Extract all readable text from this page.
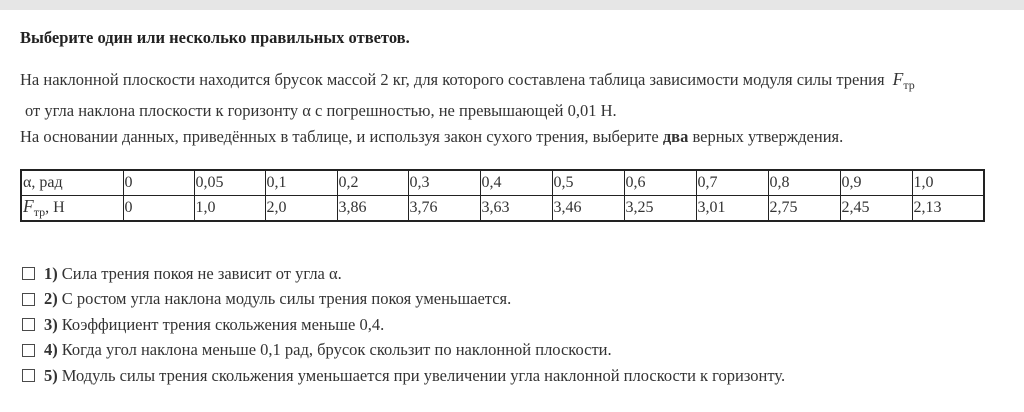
Выберите один или несколько правильных ответов.
На наклонной плоскости находится брусок массой 2 кг, для которого составлена таблица зависимости модуля силы трения $F_{тр}$
от угла наклона плоскости к горизонту α с погрешностью, не превышающей 0,01 Н.
На основании данных, приведённых в таблице, и используя закон сухого трения, выберите два верных утверждения.
α, рад	0	0,05	0,1	0,2	0,3	0,4	0,5	0,6	0,7	0,8	0,9	1,0
$F_{тр}$, Н	0	1,0	2,0	3,86	3,76	3,63	3,46	3,25	3,01	2,75	2,45	2,13
1) Сила трения покоя не зависит от угла α.
2) С ростом угла наклона модуль силы трения покоя уменьшается.
3) Коэффициент трения скольжения меньше 0,4.
4) Когда угол наклона меньше 0,1 рад, брусок скользит по наклонной плоскости.
5) Модуль силы трения скольжения уменьшается при увеличении угла наклонной плоскости к горизонту.
